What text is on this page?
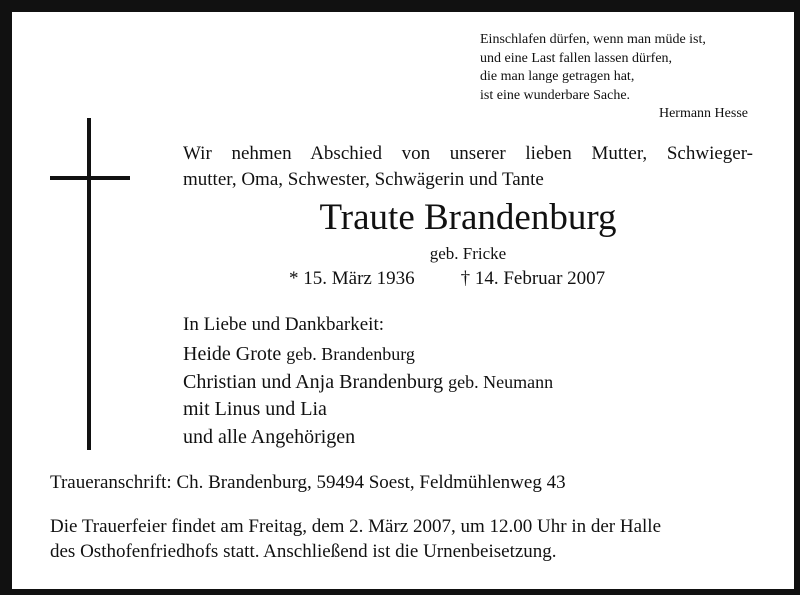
Einschlafen dürfen, wenn man müde ist,
und eine Last fallen lassen dürfen,
die man lange getragen hat,
ist eine wunderbare Sache.
Hermann Hesse
Wir nehmen Abschied von unserer lieben Mutter, Schwieger-
mutter, Oma, Schwester, Schwägerin und Tante
Traute Brandenburg
geb. Fricke
* 15. März 1936 † 14. Februar 2007
In Liebe und Dankbarkeit:
Heide Grote geb. Brandenburg
Christian und Anja Brandenburg geb. Neumann
mit Linus und Lia
und alle Angehörigen
Traueranschrift: Ch. Brandenburg, 59494 Soest, Feldmühlenweg 43
Die Trauerfeier findet am Freitag, dem 2. März 2007, um 12.00 Uhr in der Halle
des Osthofenfriedhofs statt. Anschließend ist die Urnenbeisetzung.
